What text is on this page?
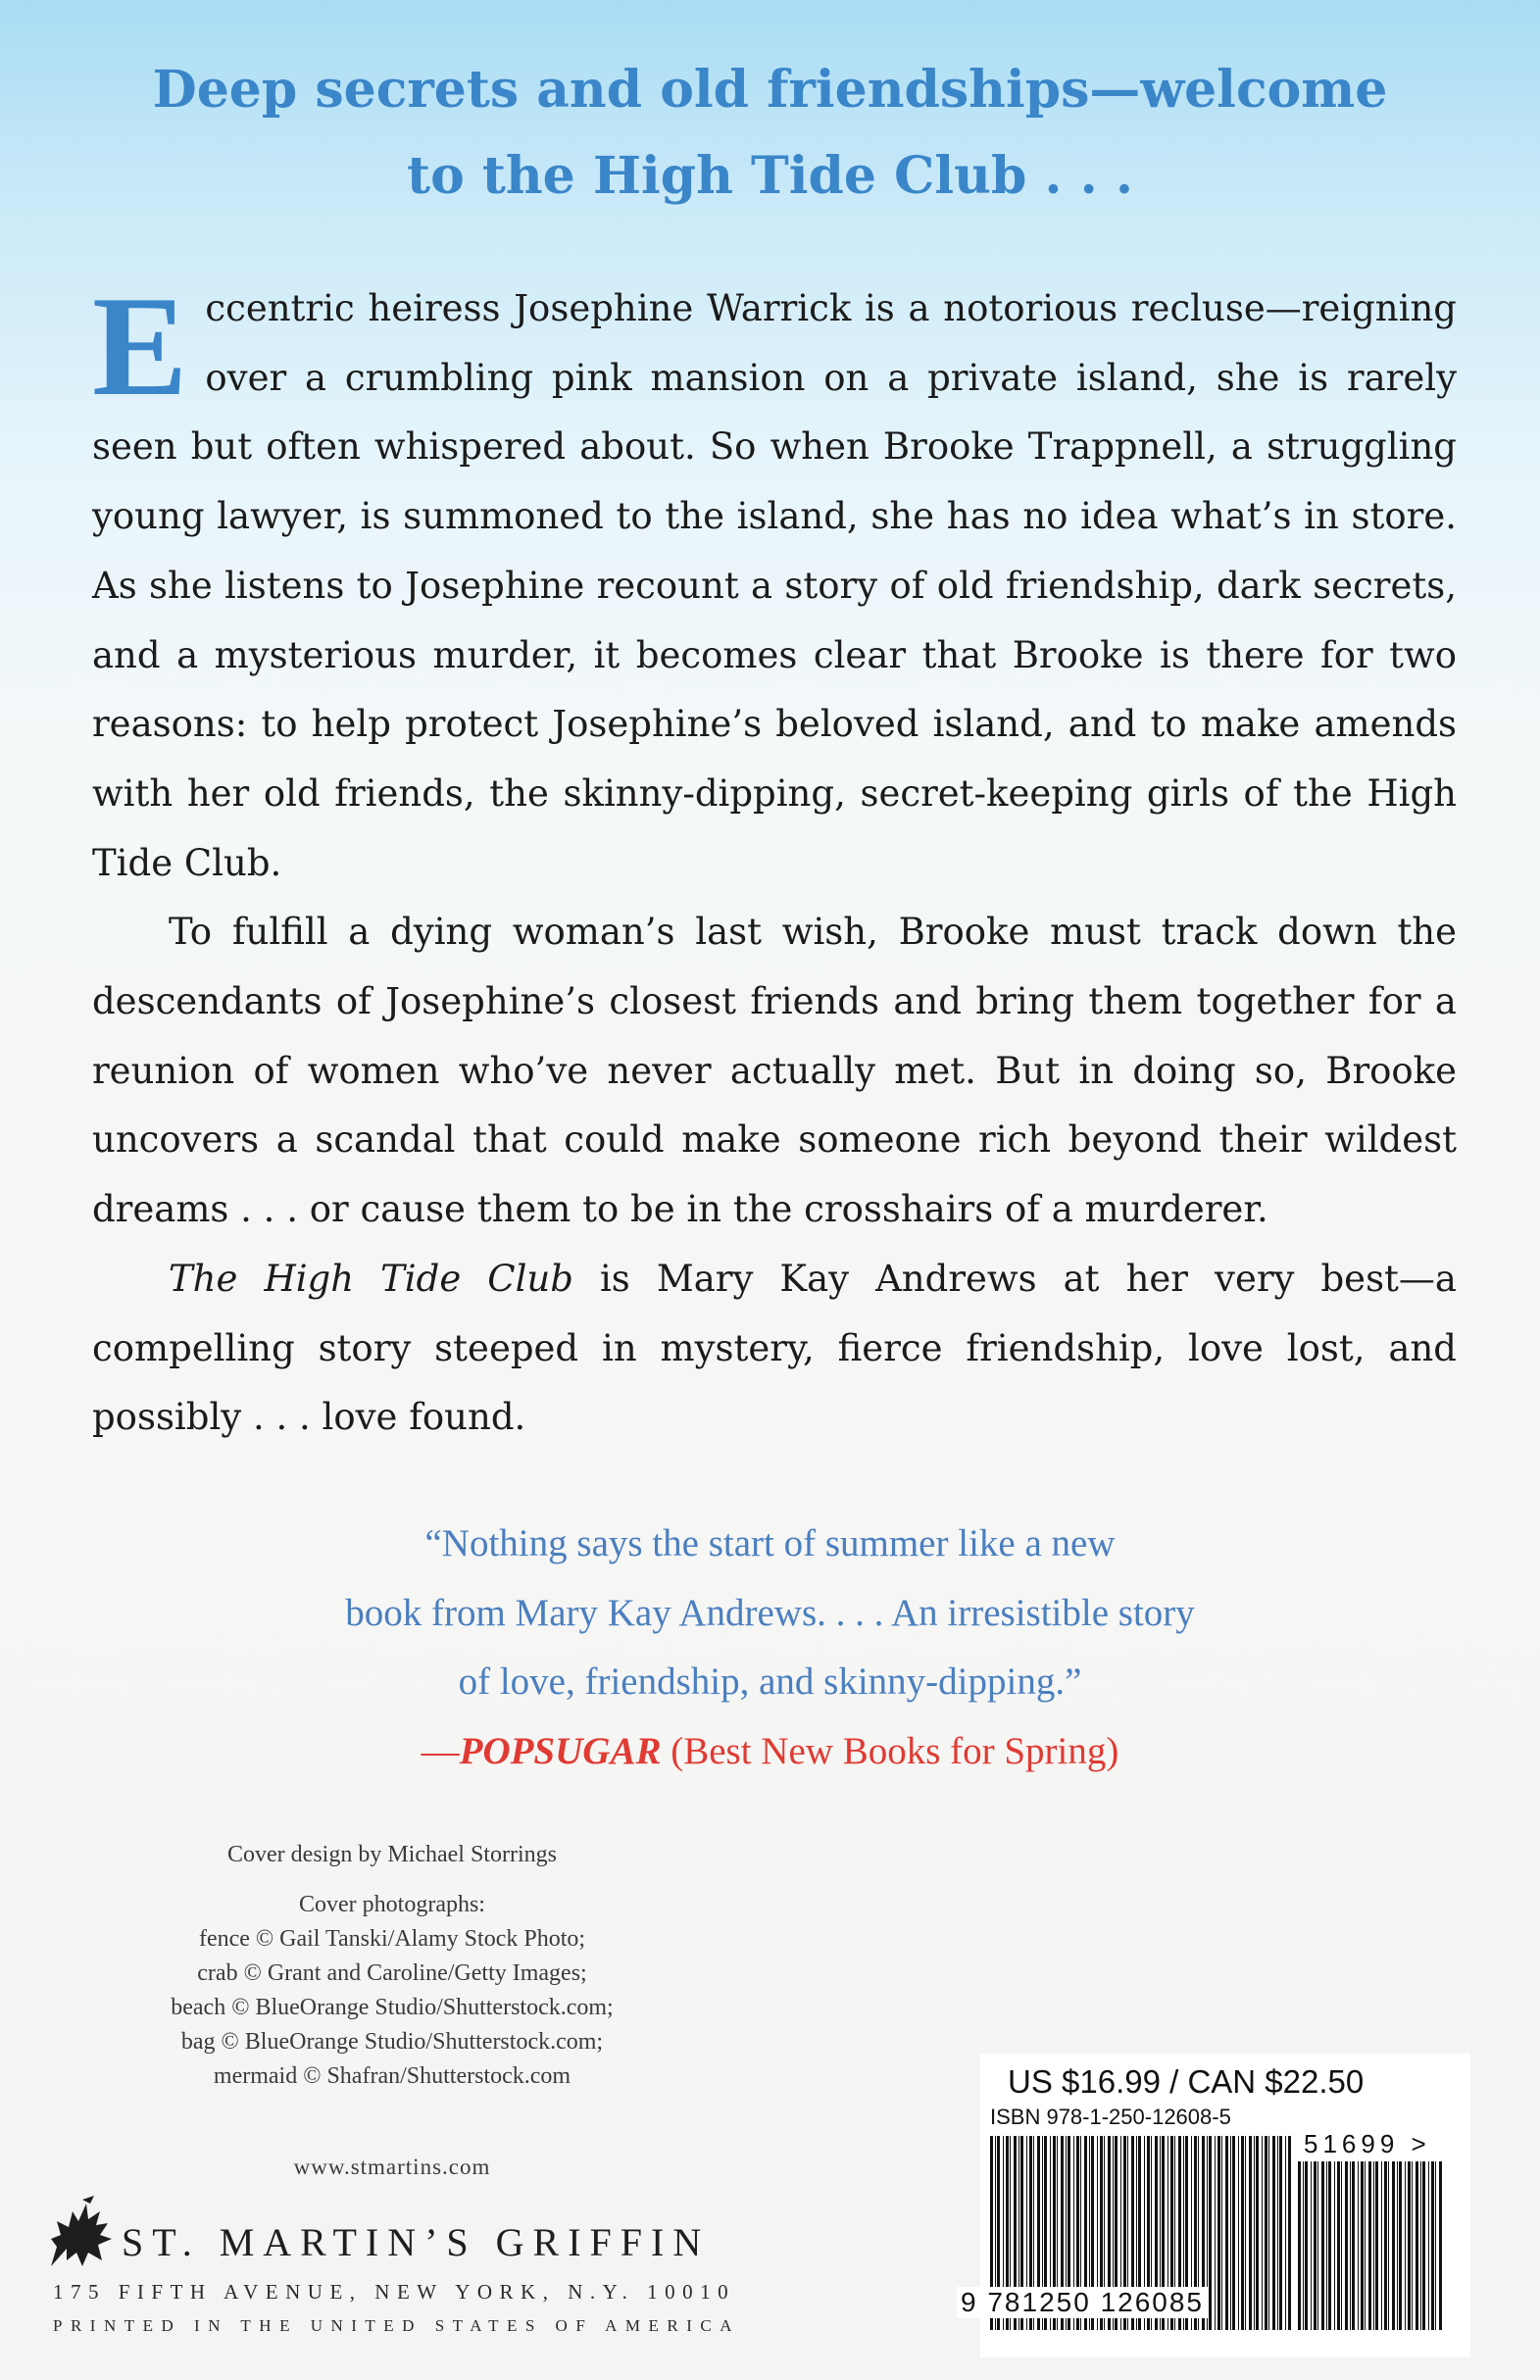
Deep secrets and old friendships—welcome
to the High Tide Club . . .

Eccentric heiress Josephine Warrick is a notorious recluse—reigning over a crumbling pink mansion on a private island, she is rarely seen but often whispered about. So when Brooke Trappnell, a struggling young lawyer, is summoned to the island, she has no idea what’s in store. As she listens to Josephine recount a story of old friendship, dark secrets, and a mysterious murder, it becomes clear that Brooke is there for two reasons: to help protect Josephine’s beloved island, and to make amends with her old friends, the skinny-dipping, secret-keeping girls of the High Tide Club.

To fulfill a dying woman’s last wish, Brooke must track down the descendants of Josephine’s closest friends and bring them together for a reunion of women who’ve never actually met. But in doing so, Brooke uncovers a scandal that could make someone rich beyond their wildest dreams . . . or cause them to be in the crosshairs of a murderer.

The High Tide Club is Mary Kay Andrews at her very best—a compelling story steeped in mystery, fierce friendship, love lost, and possibly . . . love found.

“Nothing says the start of summer like a new
book from Mary Kay Andrews. . . . An irresistible story
of love, friendship, and skinny-dipping.”
—POPSUGAR (Best New Books for Spring)
Cover design by Michael Storrings
Cover photographs:
fence © Gail Tanski/Alamy Stock Photo;
crab © Grant and Caroline/Getty Images;
beach © BlueOrange Studio/Shutterstock.com;
bag © BlueOrange Studio/Shutterstock.com;
mermaid © Shafran/Shutterstock.com
www.stmartins.com
ST. MARTIN’S GRIFFIN
175 FIFTH AVENUE, NEW YORK, N.Y. 10010
PRINTED IN THE UNITED STATES OF AMERICA
US $16.99 / CAN $22.50
ISBN 978-1-250-12608-5
9 781250 126085
51699 >
